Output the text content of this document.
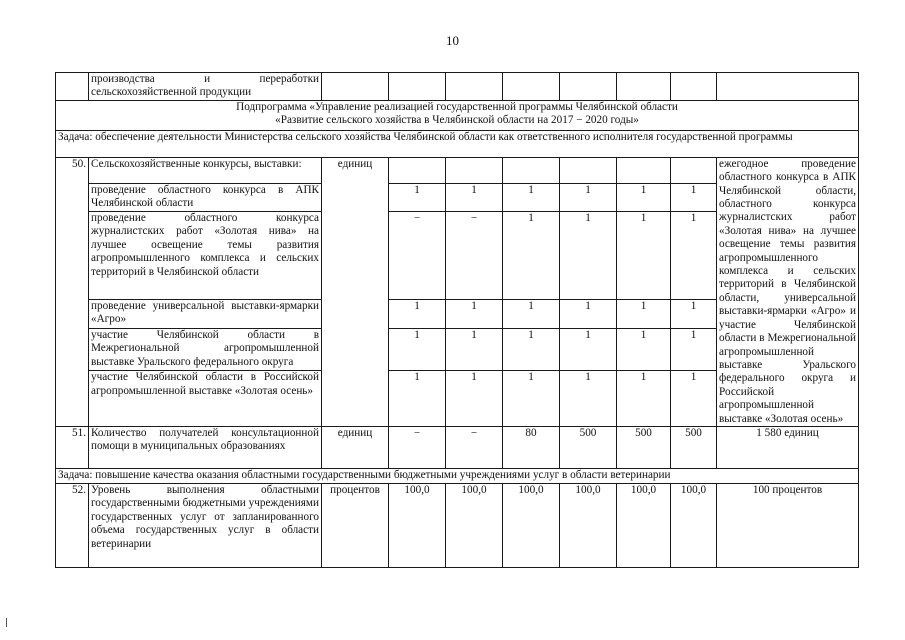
10
	производства и переработки сельскохозяйственной продукции								

Подпрограмма «Управление реализацией государственной программы Челябинской области
«Развитие сельского хозяйства в Челябинской области на 2017 − 2020 годы»									

Задача: обеспечение деятельности Министерства сельского хозяйства Челябинской области как ответственного исполнителя государственной программы									
50.	Сельскохозяйственные конкурсы, выставки:	единиц							ежегодное проведение областного конкурса в АПК Челябинской области, областного конкурса журналистских работ «Золотая нива» на лучшее освещение темы развития агропромышленного комплекса и сельских территорий в Челябинской области, универсальной выставки-ярмарки «Агро» и участие Челябинской области в Межрегиональной агропромышленной выставке Уральского федерального округа и Российской агропромышленной выставке «Золотая осень»
	проведение областного конкурса в АПК Челябинской области		1	1	1	1	1	1	
	проведение областного конкурса журналистских работ «Золотая нива» на лучшее освещение темы развития агропромышленного комплекса и сельских территорий в Челябинской области		−	−	1	1	1	1	
	проведение универсальной выставки-ярмарки «Агро»		1	1	1	1	1	1	
	участие Челябинской области в Межрегиональной агропромышленной выставке Уральского федерального округа		1	1	1	1	1	1	
	участие Челябинской области в Российской агропромышленной выставке «Золотая осень»		1	1	1	1	1	1	
51.	Количество получателей консультационной помощи в муниципальных образованиях	единиц	−	−	80	500	500	500	1 580 единиц
Задача: повышение качества оказания областными государственными бюджетными учреждениями услуг в области ветеринарии									
52.	Уровень выполнения областными государственными бюджетными учреждениями государственных услуг от запланированного объема государственных услуг в области ветеринарии	процентов	100,0	100,0	100,0	100,0	100,0	100,0	100 процентов
